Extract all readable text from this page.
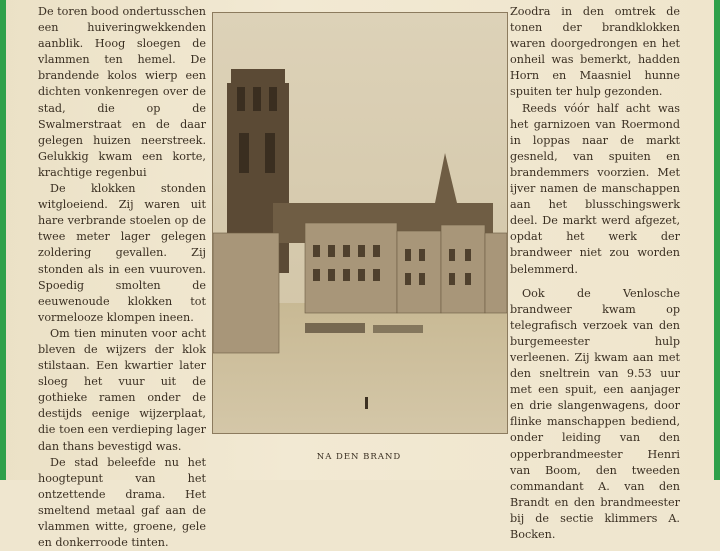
De toren bood ondertusschen een huiveringwekkenden aanblik. Hoog sloegen de vlammen ten hemel. De brandende kolos wierp een dichten vonkenregen over de stad, die op de Swalmerstraat en de daar gelegen huizen neerstreek. Gelukkig kwam een korte, krachtige regenbui

De klokken stonden witgloeiend. Zij waren uit hare verbrande stoelen op de twee meter lager gelegen zoldering gevallen. Zij stonden als in een vuuroven. Spoedig smolten de eeuwenoude klokken tot vormelooze klompen ineen.

Om tien minuten voor acht bleven de wijzers der klok stilstaan. Een kwartier later sloeg het vuur uit de gothieke ramen onder de destijds eenige wijzerplaat, die toen een verdieping lager dan thans bevestigd was.

De stad beleefde nu het hoogtepunt van het ontzettende drama. Het smeltend metaal gaf aan de vlammen witte, groene, gele en donkerroode tinten.

NA DEN BRAND

Zoodra in den omtrek de tonen der brandklokken waren doorgedrongen en het onheil was bemerkt, hadden Horn en Maasniel hunne spuiten ter hulp gezonden.

Reeds vóór half acht was het garnizoen van Roermond in loppas naar de markt gesneld, van spuiten en brandemmers voorzien. Met ijver namen de manschappen aan het blusschingswerk deel. De markt werd afgezet, opdat het werk der brandweer niet zou worden belemmerd.

Ook de Venlosche brandweer kwam op telegrafisch verzoek van den burgemeester hulp verleenen. Zij kwam aan met den sneltrein van 9.53 uur met een spuit, een aanjager en drie slangenwagens, door flinke manschappen bediend, onder leiding van den opperbrandmeester Henri van Boom, den tweeden commandant A. van den Brandt en den brandmeester bij de sectie klimmers A. Bocken.
